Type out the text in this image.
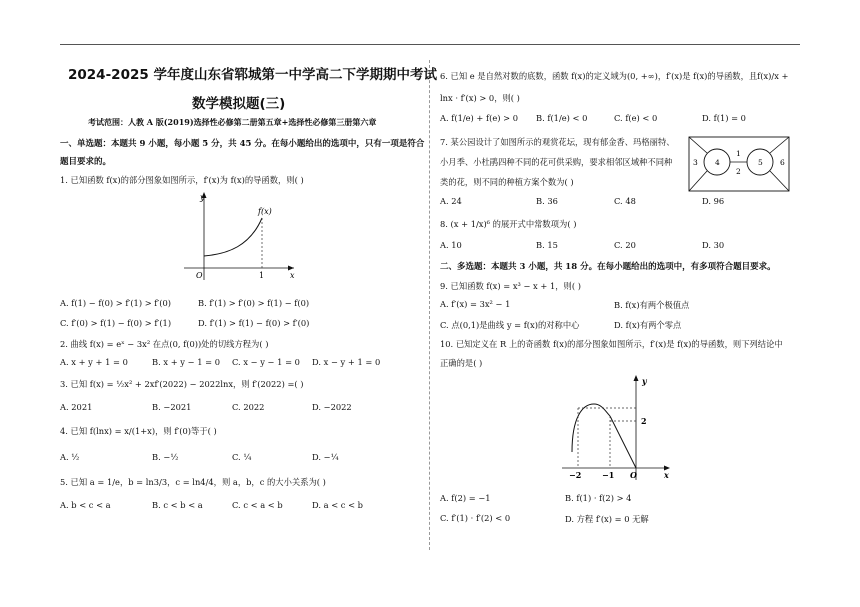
2024-2025 学年度山东省郓城第一中学高二下学期期中考试
数学模拟题(三)
考试范围：人教 A 版(2019)选择性必修第二册第五章+选择性必修第三册第六章
一、单选题：本题共 9 小题，每小题 5 分，共 45 分。在每小题给出的选项中，只有一项是符合
题目要求的。
1. 已知函数 f(x)的部分图象如图所示，f′(x)为 f(x)的导函数，则( )
y
x
O	1
f(x)
A. f(1) − f(0) > f′(1) > f′(0)	B. f′(1) > f′(0) > f(1) − f(0)
C. f′(0) > f(1) − f(0) > f′(1)	D. f′(1) > f(1) − f(0) > f′(0)
2. 曲线 f(x) = eˣ − 3x² 在点(0, f(0))处的切线方程为( )
A. x + y + 1 = 0	B. x + y − 1 = 0 C. x − y − 1 = 0 D. x − y + 1 = 0
3. 已知 f(x) = ½x² + 2xf′(2022) − 2022lnx，则 f′(2022) =( )
A. 2021	B. −2021	C. 2022	D. −2022
4. 已知 f(lnx) = x/(1+x)，则 f′(0)等于( )
A. ½	B. −½	C. ¼	D. −¼
5. 已知 a = 1/e，b = ln3/3，c = ln4/4，则 a，b，c 的大小关系为( )
A. b < c < a	B. c < b < a	C. c < a < b	D. a < c < b
6. 已知 e 是自然对数的底数，函数 f(x)的定义域为(0, +∞)，f′(x)是 f(x)的导函数，且f(x)/x +
lnx · f′(x) > 0，则( )
A. f(1/e) + f(e) > 0 B. f(1/e) < 0	C. f(e) < 0	D. f(1) = 0
7. 某公园设计了如图所示的观赏花坛，现有郁金香、玛格丽特、
小月季、小杜鹃四种不同的花可供采购，要求相邻区域种不同种
类的花，则不同的种植方案个数为( )
1
2
3 4	5 6
A. 24	B. 36	C. 48	D. 96
8. (x + 1/x)⁶ 的展开式中常数项为( )
A. 10	B. 15	C. 20	D. 30
二、多选题：本题共 3 小题，共 18 分。在每小题给出的选项中，有多项符合题目要求。
9. 已知函数 f(x) = x³ − x + 1，则( )
A. f′(x) = 3x² − 1	B. f(x)有两个极值点
C. 点(0,1)是曲线 y = f(x)的对称中心	D. f(x)有两个零点
10. 已知定义在 R 上的奇函数 f(x)的部分图象如图所示，f′(x)是 f(x)的导函数，则下列结论中
正确的是( )
y
x
2
−2	−1 O
A. f(2) = −1	B. f(1) · f(2) > 4
C. f′(1) · f′(2) < 0	D. 方程 f′(x) = 0 无解
